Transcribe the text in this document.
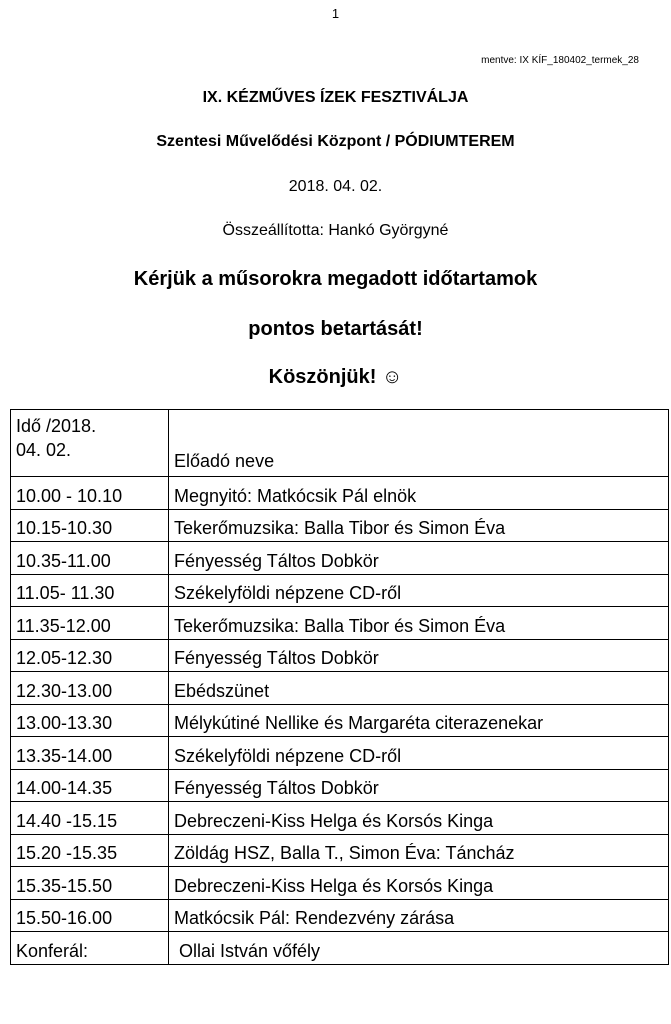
1
mentve: IX KÍF_180402_termek_28
IX. KÉZMŰVES ÍZEK FESZTIVÁLJA
Szentesi Művelődési Központ / PÓDIUMTEREM
2018. 04. 02.
Összeállította: Hankó Györgyné
Kérjük a műsorokra megadott időtartamok
pontos betartását!
Köszönjük! ☺
Idő /2018.
04. 02.	Előadó neve
10.00 - 10.10	Megnyitó: Matkócsik Pál elnök
10.15-10.30	Tekerőmuzsika: Balla Tibor és Simon Éva
10.35-11.00	Fényesség Táltos Dobkör
11.05- 11.30	Székelyföldi népzene CD-ről
11.35-12.00	Tekerőmuzsika: Balla Tibor és Simon Éva
12.05-12.30	Fényesség Táltos Dobkör
12.30-13.00	Ebédszünet
13.00-13.30	Mélykútiné Nellike és Margaréta citerazenekar
13.35-14.00	Székelyföldi népzene CD-ről
14.00-14.35	Fényesség Táltos Dobkör
14.40 -15.15	Debreczeni-Kiss Helga és Korsós Kinga
15.20 -15.35	Zöldág HSZ, Balla T., Simon Éva: Táncház
15.35-15.50	Debreczeni-Kiss Helga és Korsós Kinga
15.50-16.00	Matkócsik Pál: Rendezvény zárása
Konferál:	Ollai István vőfély
